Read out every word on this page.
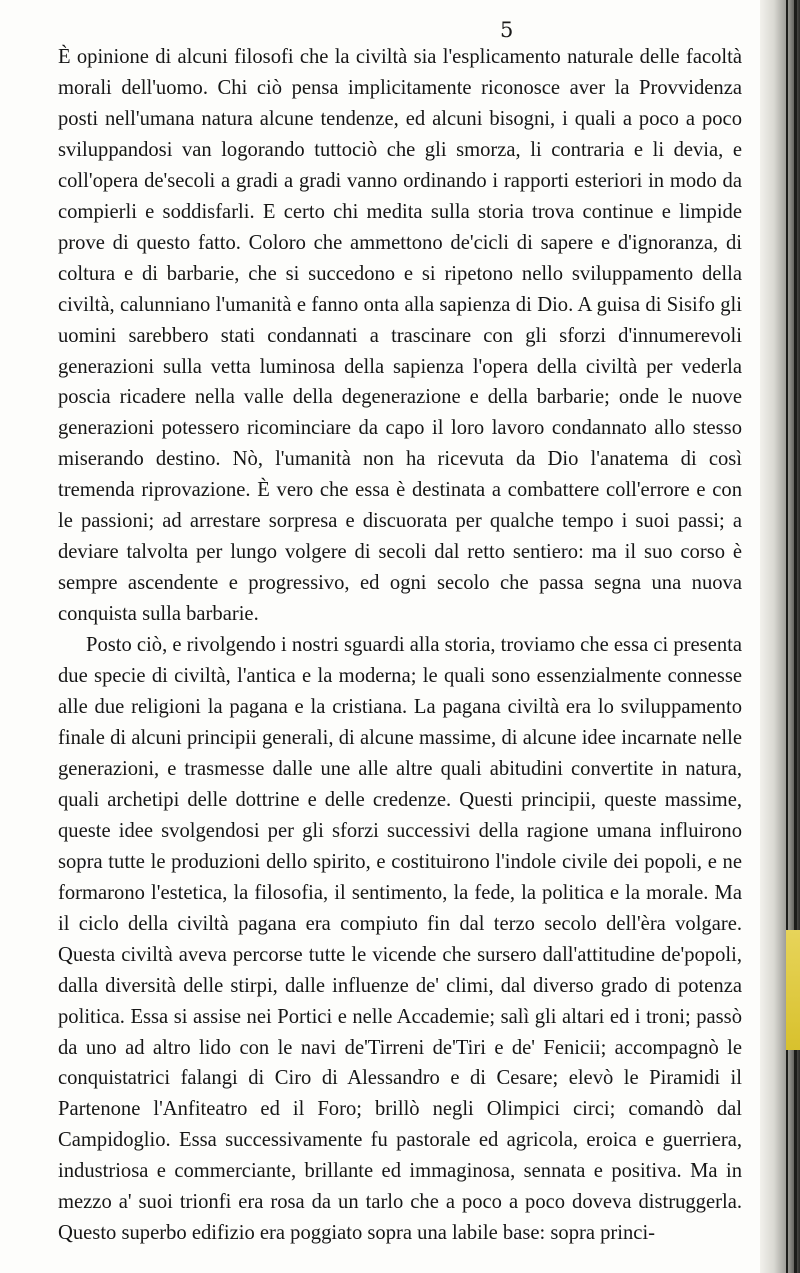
5

È opinione di alcuni filosofi che la civiltà sia l'esplicamento naturale delle facoltà morali dell'uomo. Chi ciò pensa implicitamente riconosce aver la Provvidenza posti nell'umana natura alcune tendenze, ed alcuni bisogni, i quali a poco a poco sviluppandosi van logorando tuttociò che gli smorza, li contraria e li devia, e coll'opera de'secoli a gradi a gradi vanno ordinando i rapporti esteriori in modo da compierli e soddisfarli. E certo chi medita sulla storia trova continue e limpide prove di questo fatto. Coloro che ammettono de'cicli di sapere e d'ignoranza, di coltura e di barbarie, che si succedono e si ripetono nello sviluppamento della civiltà, calunniano l'umanità e fanno onta alla sapienza di Dio. A guisa di Sisifo gli uomini sarebbero stati condannati a trascinare con gli sforzi d'innumerevoli generazioni sulla vetta luminosa della sapienza l'opera della civiltà per vederla poscia ricadere nella valle della degenerazione e della barbarie; onde le nuove generazioni potessero ricominciare da capo il loro lavoro condannato allo stesso miserando destino. Nò, l'umanità non ha ricevuta da Dio l'anatema di così tremenda riprovazione. È vero che essa è destinata a combattere coll'errore e con le passioni; ad arrestare sorpresa e discuorata per qualche tempo i suoi passi; a deviare talvolta per lungo volgere di secoli dal retto sentiero: ma il suo corso è sempre ascendente e progressivo, ed ogni secolo che passa segna una nuova conquista sulla barbarie.

Posto ciò, e rivolgendo i nostri sguardi alla storia, troviamo che essa ci presenta due specie di civiltà, l'antica e la moderna; le quali sono essenzialmente connesse alle due religioni la pagana e la cristiana. La pagana civiltà era lo sviluppamento finale di alcuni principii generali, di alcune massime, di alcune idee incarnate nelle generazioni, e trasmesse dalle une alle altre quali abitudini convertite in natura, quali archetipi delle dottrine e delle credenze. Questi principii, queste massime, queste idee svolgendosi per gli sforzi successivi della ragione umana influirono sopra tutte le produzioni dello spirito, e costituirono l'indole civile dei popoli, e ne formarono l'estetica, la filosofia, il sentimento, la fede, la politica e la morale. Ma il ciclo della civiltà pagana era compiuto fin dal terzo secolo dell'èra volgare. Questa civiltà aveva percorse tutte le vicende che sursero dall'attitudine de'popoli, dalla diversità delle stirpi, dalle influenze de' climi, dal diverso grado di potenza politica. Essa si assise nei Portici e nelle Accademie; salì gli altari ed i troni; passò da uno ad altro lido con le navi de'Tirreni de'Tiri e de' Fenicii; accompagnò le conquistatrici falangi di Ciro di Alessandro e di Cesare; elevò le Piramidi il Partenone l'Anfiteatro ed il Foro; brillò negli Olimpici circi; comandò dal Campidoglio. Essa successivamente fu pastorale ed agricola, eroica e guerriera, industriosa e commerciante, brillante ed immaginosa, sennata e positiva. Ma in mezzo a' suoi trionfi era rosa da un tarlo che a poco a poco doveva distruggerla. Questo superbo edifizio era poggiato sopra una labile base: sopra princi-
